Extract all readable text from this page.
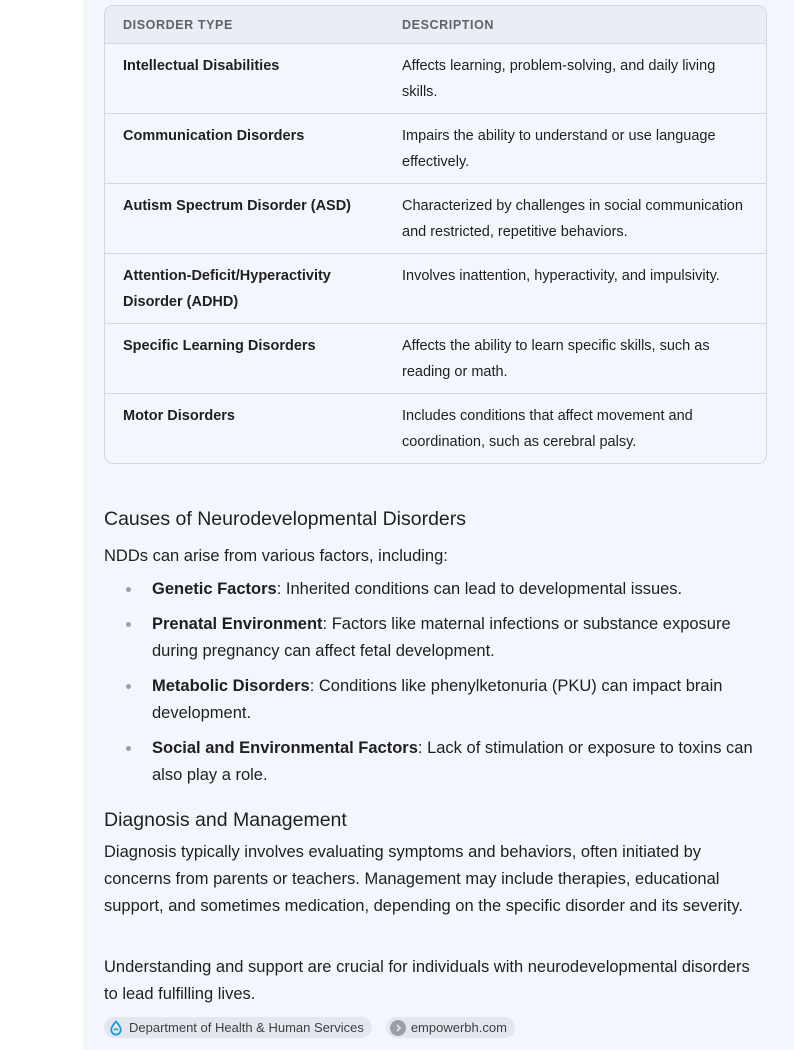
DISORDER TYPE	DESCRIPTION
Intellectual Disabilities	Affects learning, problem-solving, and daily living skills.
Communication Disorders	Impairs the ability to understand or use language effectively.
Autism Spectrum Disorder (ASD)	Characterized by challenges in social communication and restricted, repetitive behaviors.
Attention-Deficit/Hyperactivity Disorder (ADHD)	Involves inattention, hyperactivity, and impulsivity.
Specific Learning Disorders	Affects the ability to learn specific skills, such as reading or math.
Motor Disorders	Includes conditions that affect movement and coordination, such as cerebral palsy.
Causes of Neurodevelopmental Disorders

NDDs can arise from various factors, including:

Genetic Factors: Inherited conditions can lead to developmental issues.
Prenatal Environment: Factors like maternal infections or substance exposure during pregnancy can affect fetal development.
Metabolic Disorders: Conditions like phenylketonuria (PKU) can impact brain development.
Social and Environmental Factors: Lack of stimulation or exposure to toxins can also play a role.
Diagnosis and Management

Diagnosis typically involves evaluating symptoms and behaviors, often initiated by concerns from parents or teachers. Management may include therapies, educational support, and sometimes medication, depending on the specific disorder and its severity.

Understanding and support are crucial for individuals with neurodevelopmental disorders to lead fulfilling lives.

Department of Health & Human Services	empowerbh.com
